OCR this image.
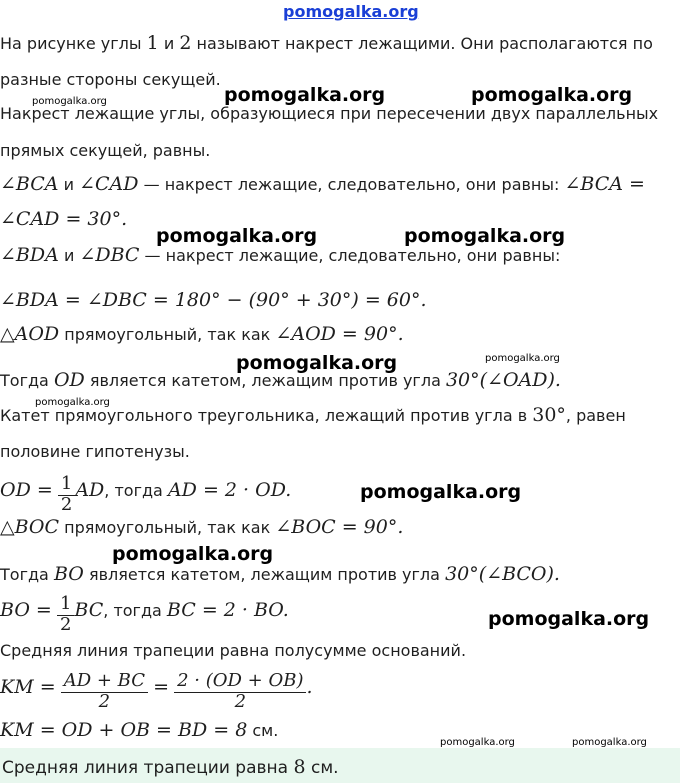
pomogalka.org
pomogalka.org	pomogalka.org	pomogalka.org
pomogalka.org	pomogalka.org
pomogalka.org	pomogalka.org
pomogalka.org
pomogalka.org
pomogalka.org
pomogalka.org
pomogalka.org	pomogalka.org
На рисунке углы 1 и 2 называют накрест лежащими. Они располагаются по
разные стороны секущей.
Накрест лежащие углы, образующиеся при пересечении двух параллельных
прямых секущей, равны.
∠BCA и ∠CAD — накрест лежащие, следовательно, они равны: ∠BCA =
∠CAD = 30°.
∠BDA и ∠DBC — накрест лежащие, следовательно, они равны:
∠BDA = ∠DBC = 180° − (90° + 30°) = 60°.
△AOD прямоугольный, так как ∠AOD = 90°.
Тогда OD является катетом, лежащим против угла 30°(∠OAD).
Катет прямоугольного треугольника, лежащий против угла в 30°, равен
половине гипотенузы.
OD = $\frac{1}{2}$ AD, тогда AD = 2 · OD.
△BOC прямоугольный, так как ∠BOC = 90°.
Тогда BO является катетом, лежащим против угла 30°(∠BCO).
BO = $\frac{1}{2}$ BC, тогда BC = 2 · BO.
Средняя линия трапеции равна полусумме оснований.
KM = $\frac{AD + BC}{2} = \frac{2 \cdot (OD + OB)}{2}$ .
KM = OD + OB = BD = 8 см.
Средняя линия трапеции равна 8 см.
